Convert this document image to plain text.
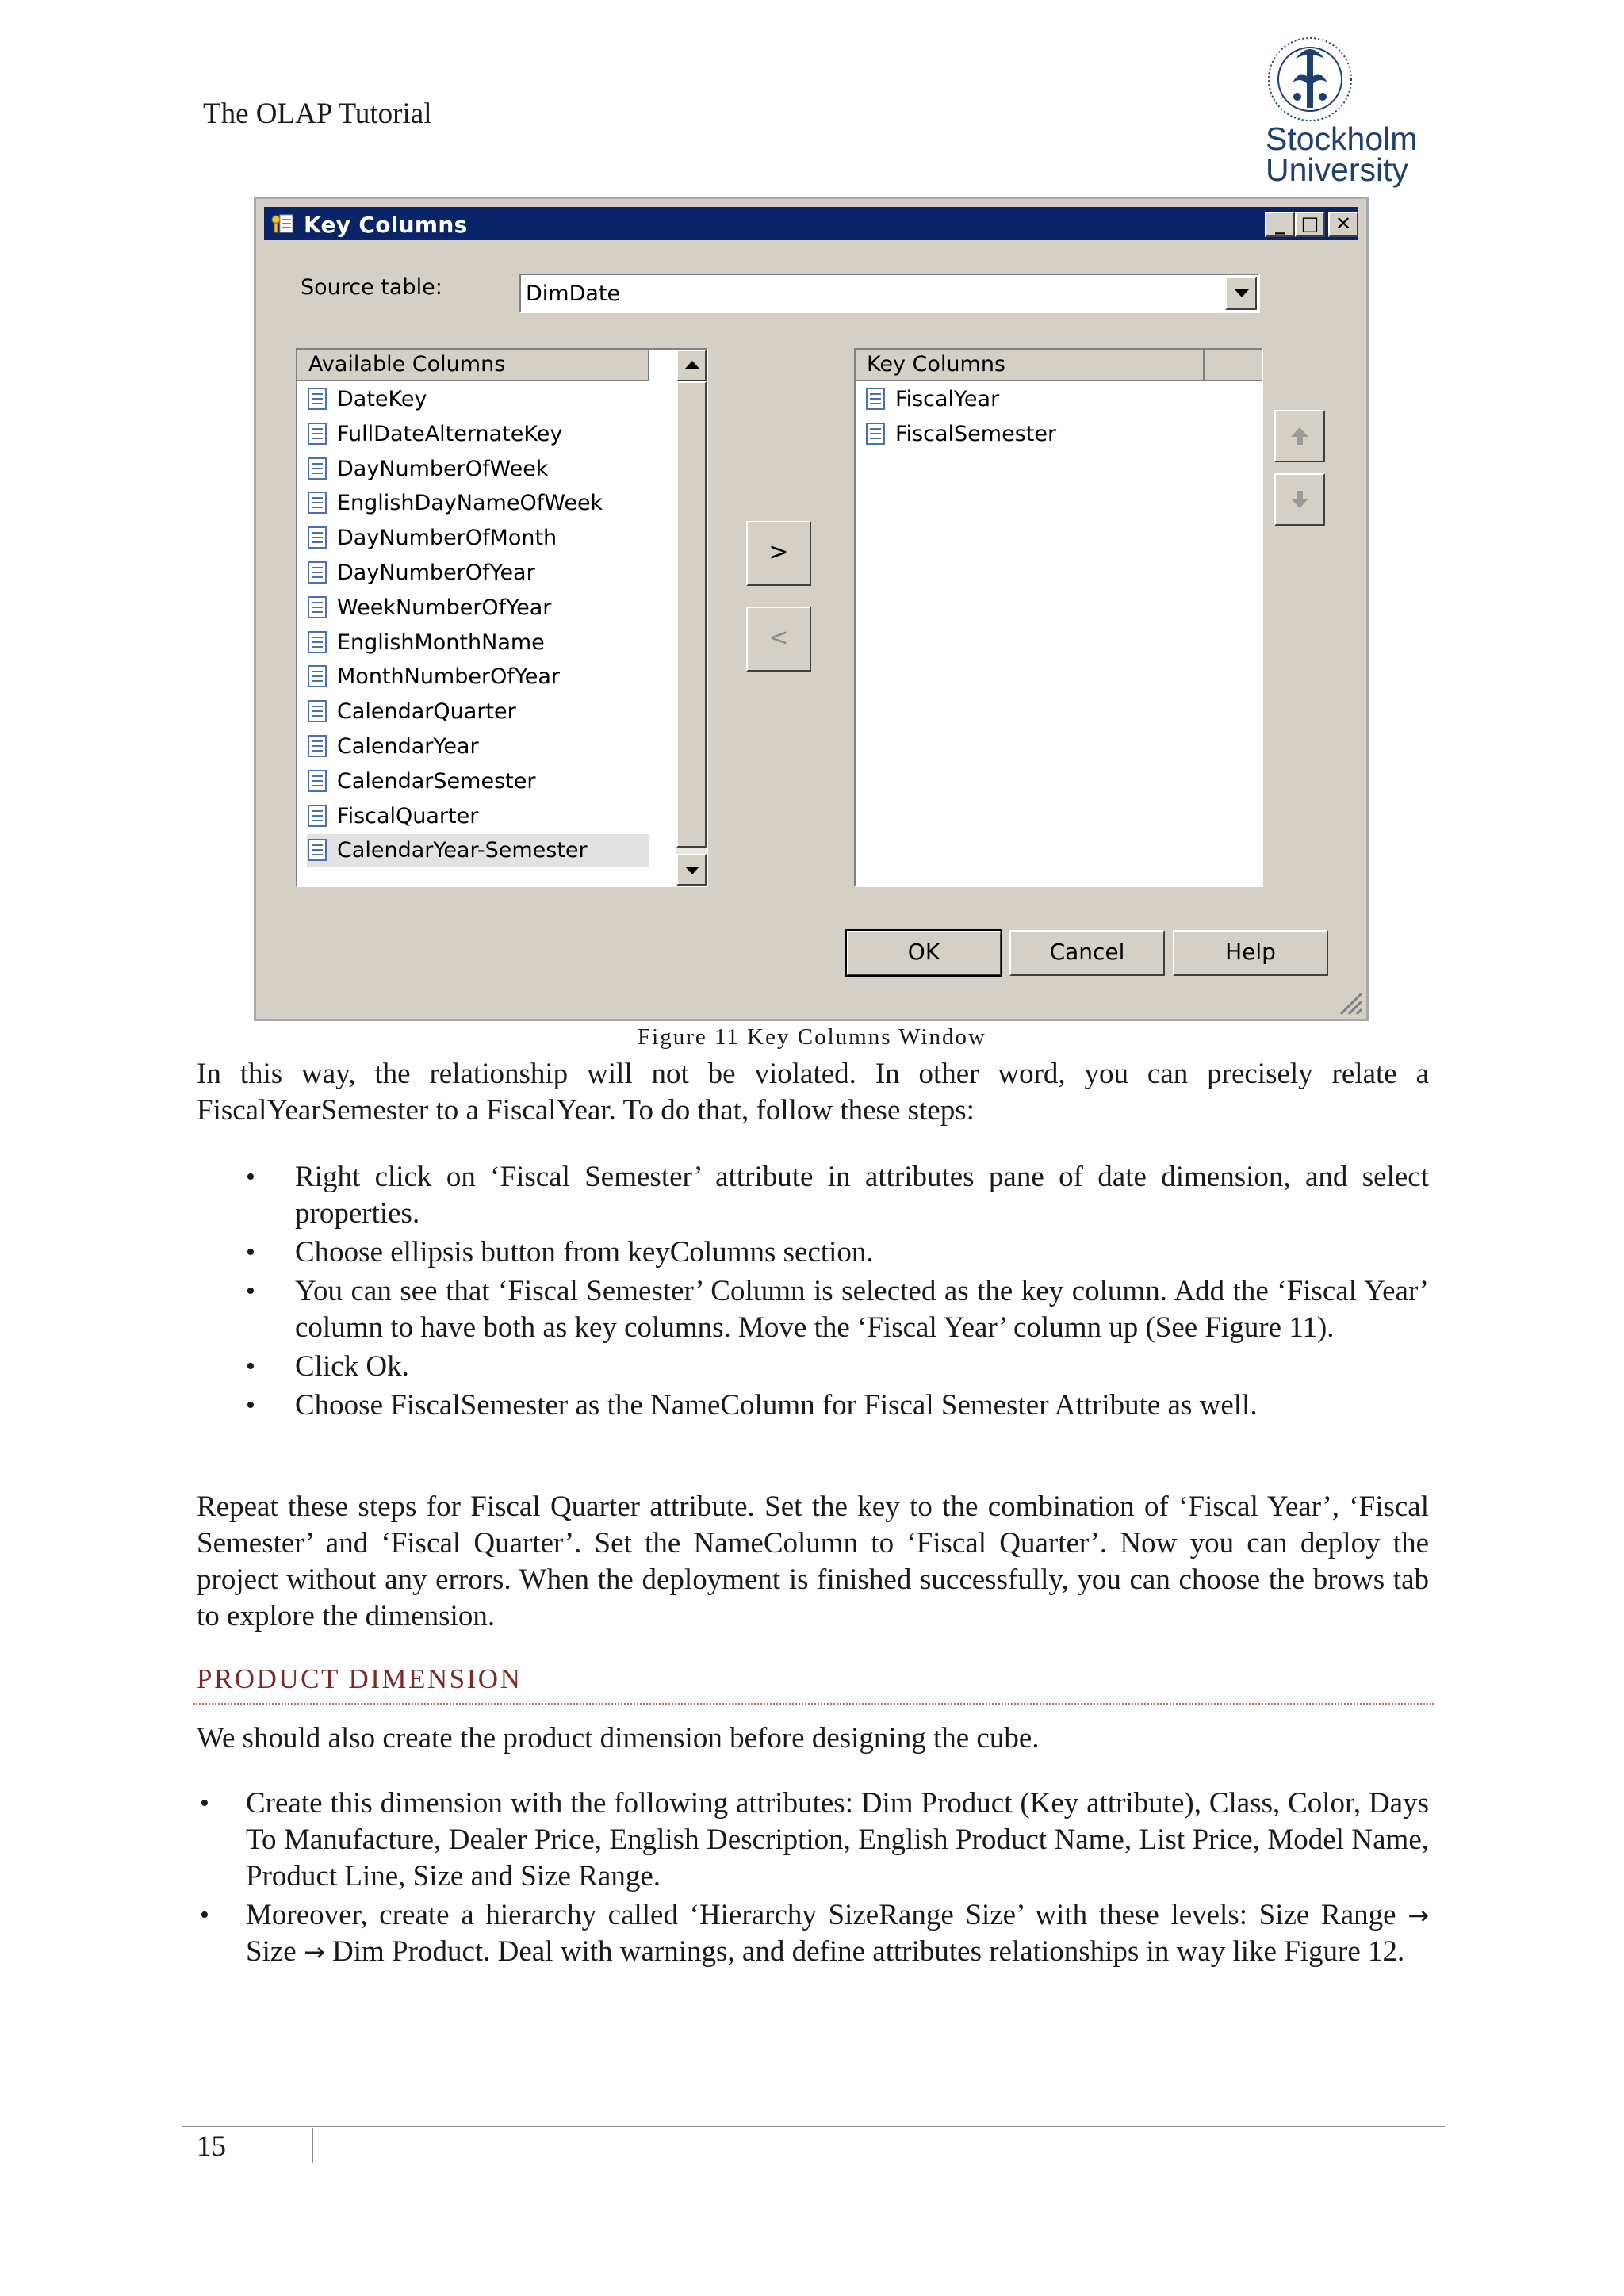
The OLAP Tutorial
Stockholm
University
Key Columns	_ □ ✕
Source table:	DimDate
Available Columns
DateKey
FullDateAlternateKey
DayNumberOfWeek
EnglishDayNameOfWeek
DayNumberOfMonth
DayNumberOfYear
WeekNumberOfYear
EnglishMonthName
MonthNumberOfYear
CalendarQuarter
CalendarYear
CalendarSemester
FiscalQuarter
CalendarYear-Semester
>
<
Key Columns
FiscalYear
FiscalSemester
OK	Cancel	Help
Figure 11 Key Columns Window
In this way, the relationship will not be violated. In other word, you can precisely relate a FiscalYearSemester to a FiscalYear. To do that, follow these steps:
• Right click on ‘Fiscal Semester’ attribute in attributes pane of date dimension, and select properties.
• Choose ellipsis button from keyColumns section.
• You can see that ‘Fiscal Semester’ Column is selected as the key column. Add the ‘Fiscal Year’ column to have both as key columns. Move the ‘Fiscal Year’ column up (See Figure 11).
• Click Ok.
• Choose FiscalSemester as the NameColumn for Fiscal Semester Attribute as well.
Repeat these steps for Fiscal Quarter attribute. Set the key to the combination of ‘Fiscal Year’, ‘Fiscal Semester’ and ‘Fiscal Quarter’. Set the NameColumn to ‘Fiscal Quarter’. Now you can deploy the project without any errors. When the deployment is finished successfully, you can choose the brows tab to explore the dimension.
PRODUCT DIMENSION
We should also create the product dimension before designing the cube.
• Create this dimension with the following attributes: Dim Product (Key attribute), Class, Color, Days To Manufacture, Dealer Price, English Description, English Product Name, List Price, Model Name, Product Line, Size and Size Range.
• Moreover, create a hierarchy called ‘Hierarchy SizeRange Size’ with these levels: Size Range → Size → Dim Product. Deal with warnings, and define attributes relationships in way like Figure 12.
15
